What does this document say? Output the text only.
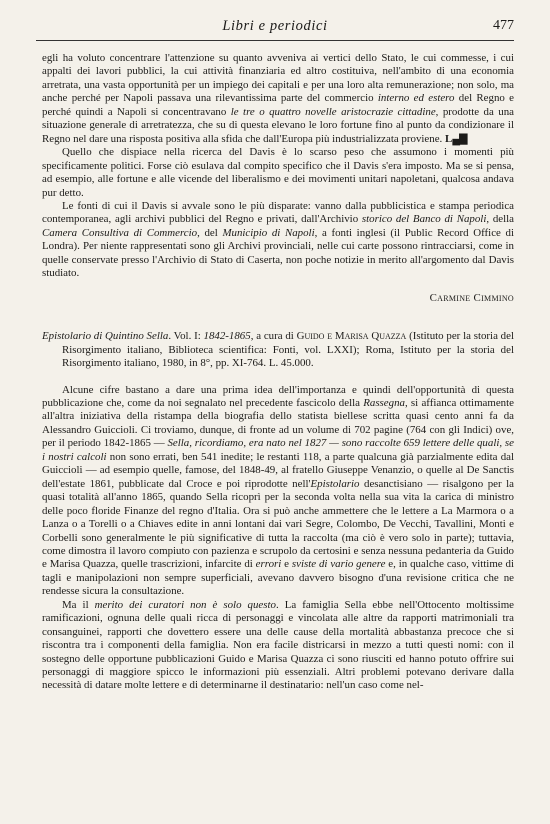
Libri e periodici	477

egli ha voluto concentrare l'attenzione su quanto avveniva ai vertici dello Stato, le cui commesse, i cui appalti dei lavori pubblici, la cui attività finanziaria ed altro costituiva, nell'ambito di una economia arretrata, una vasta opportunità per un impiego dei capitali e per una loro alta remunerazione; non solo, ma anche perché per Napoli passava una rilevantissima parte del commercio interno ed estero del Regno e perché quindi a Napoli si concentravano le tre o quattro novelle aristocrazie cittadine, prodotte da una situazione generale di arretratezza, che su di questa elevano le loro fortune fino al punto da condizionare il Regno nel dare una risposta positiva alla sfida che dall'Europa più industrializzata proviene. L ▄▇

Quello che dispiace nella ricerca del Davis è lo scarso peso che assumono i momenti più specificamente politici. Forse ciò esulava dal compito specifico che il Davis s'era imposto. Ma se si pensa, ad esempio, alle fortune e alle vicende del liberalismo e dei movimenti unitari napoletani, qualcosa andava pur detto.

Le fonti di cui il Davis si avvale sono le più disparate: vanno dalla pubblicistica e stampa periodica contemporanea, agli archivi pubblici del Regno e privati, dall'Archivio storico del Banco di Napoli, della Camera Consultiva di Commercio, del Municipio di Napoli, a fonti inglesi (il Public Record Office di Londra). Per niente rappresentati sono gli Archivi provinciali, nelle cui carte possono rintracciarsi, come in quelle conservate presso l'Archivio di Stato di Caserta, non poche notizie in merito all'argomento dal Davis studiato.

Carmine Cimmino

Epistolario di Quintino Sella. Vol. I: 1842-1865, a cura di Guido e Marisa Quazza (Istituto per la storia del Risorgimento italiano, Biblioteca scientifica: Fonti, vol. LXXI); Roma, Istituto per la storia del Risorgimento italiano, 1980, in 8°, pp. XI-764. L. 45.000.

Alcune cifre bastano a dare una prima idea dell'importanza e quindi dell'opportunità di questa pubblicazione che, come da noi segnalato nel precedente fascicolo della Rassegna, si affianca ottimamente all'altra iniziativa della ristampa della biografia dello statista biellese scritta quasi cento anni fa da Alessandro Guiccioli. Ci troviamo, dunque, di fronte ad un volume di 702 pagine (764 con gli Indici) ove, per il periodo 1842-1865 — Sella, ricordiamo, era nato nel 1827 — sono raccolte 659 lettere delle quali, se i nostri calcoli non sono errati, ben 541 inedite; le restanti 118, a parte qualcuna già parzialmente edita dal Guiccioli — ad esempio quelle, famose, del 1848-49, al fratello Giuseppe Venanzio, o quelle al De Sanctis dell'estate 1861, pubblicate dal Croce e poi riprodotte nell'Epistolario desanctisiano — risalgono per la quasi totalità all'anno 1865, quando Sella ricoprì per la seconda volta nella sua vita la carica di ministro delle poco floride Finanze del regno d'Italia. Ora si può anche ammettere che le lettere a La Marmora o a Lanza o a Torelli o a Chiaves edite in anni lontani dai vari Segre, Colombo, De Vecchi, Tavallini, Monti e Corbelli sono generalmente le più significative di tutta la raccolta (ma ciò è vero solo in parte); tuttavia, come dimostra il lavoro compiuto con pazienza e scrupolo da certosini e senza nessuna pedanteria da Guido e Marisa Quazza, quelle trascrizioni, infarcite di errori e sviste di vario genere e, in qualche caso, vittime di tagli e manipolazioni non sempre superficiali, avevano davvero bisogno d'una revisione critica che ne rendesse sicura la consultazione.

Ma il merito dei curatori non è solo questo. La famiglia Sella ebbe nell'Ottocento moltissime ramificazioni, ognuna delle quali ricca di personaggi e vincolata alle altre da rapporti matrimoniali tra consanguinei, rapporti che dovettero essere una delle cause della mortalità abbastanza precoce che si riscontra tra i componenti della famiglia. Non era facile districarsi in mezzo a tutti questi nomi: con il sostegno delle opportune pubblicazioni Guido e Marisa Quazza ci sono riusciti ed hanno potuto offrire sui personaggi di maggiore spicco le informazioni più essenziali. Altri problemi potevano derivare dalla necessità di datare molte lettere e di determinarne il destinatario: nell'un caso come nel-
